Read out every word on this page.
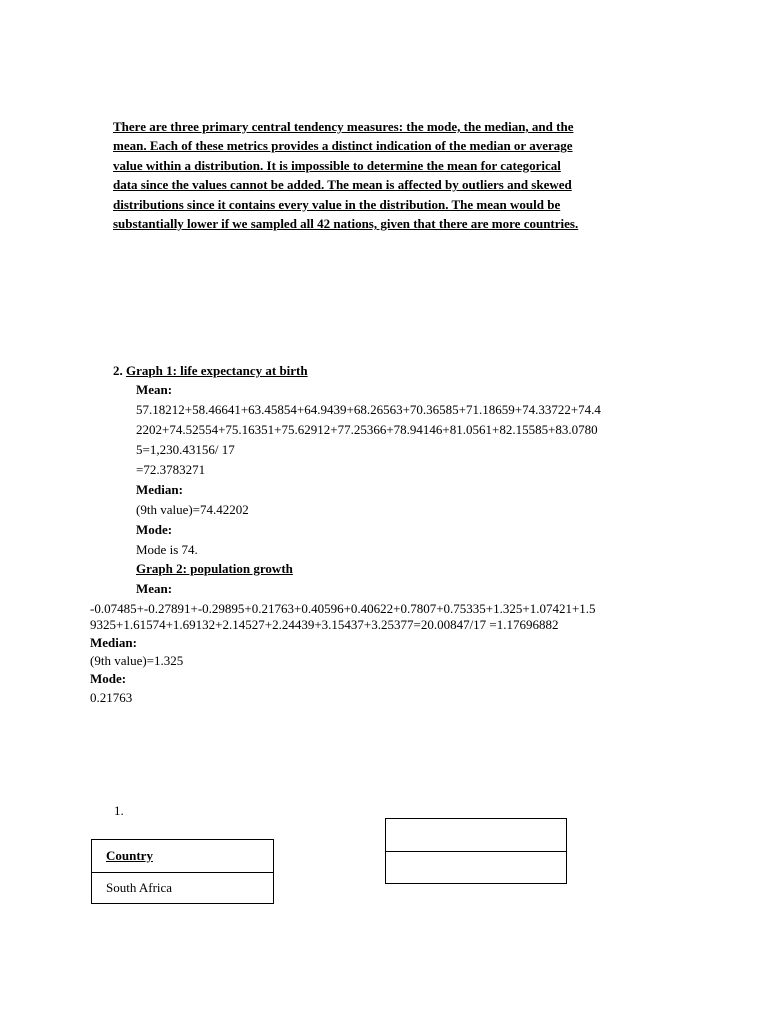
There are three primary central tendency measures: the mode, the median, and the
mean. Each of these metrics provides a distinct indication of the median or average
value within a distribution. It is impossible to determine the mean for categorical
data since the values cannot be added. The mean is affected by outliers and skewed
distributions since it contains every value in the distribution. The mean would be
substantially lower if we sampled all 42 nations, given that there are more countries.
2. Graph 1: life expectancy at birth
Mean:
57.18212+58.46641+63.45854+64.9439+68.26563+70.36585+71.18659+74.33722+74.4
2202+74.52554+75.16351+75.62912+77.25366+78.94146+81.0561+82.15585+83.0780
5=1,230.43156/ 17
=72.3783271
Median:
(9th value)=74.42202
Mode:
Mode is 74.
Graph 2: population growth
Mean:
-0.07485+-0.27891+-0.29895+0.21763+0.40596+0.40622+0.7807+0.75335+1.325+1.07421+1.5
9325+1.61574+1.69132+2.14527+2.24439+3.15437+3.25377=20.00847/17 =1.17696882
Median:
(9th value)=1.325
Mode:
0.21763
1.
Country
South Africa
